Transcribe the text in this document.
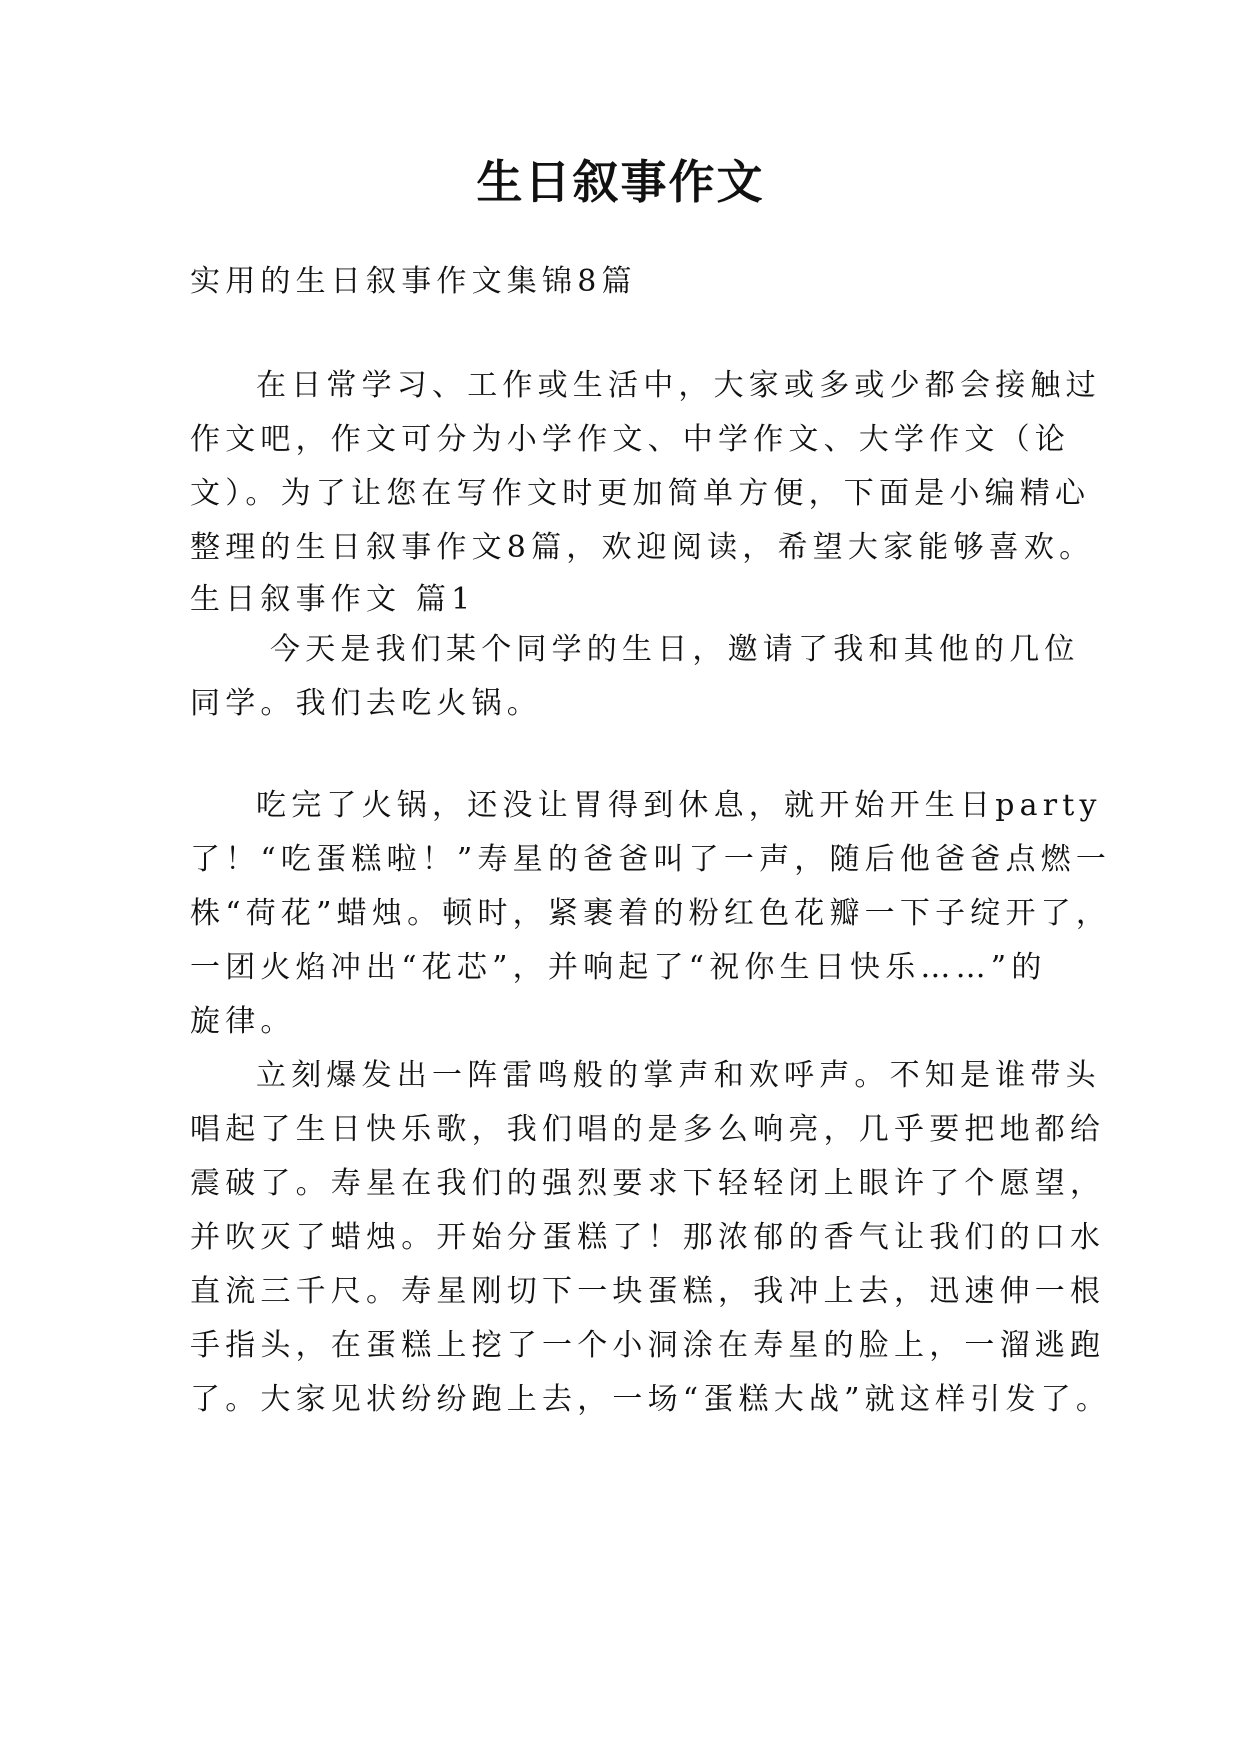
生日叙事作文
实用的生日叙事作文集锦8篇
在日常学习、工作或生活中，大家或多或少都会接触过
作文吧，作文可分为小学作文、中学作文、大学作文（论
文）。为了让您在写作文时更加简单方便，下面是小编精心
整理的生日叙事作文8篇，欢迎阅读，希望大家能够喜欢。
生日叙事作文 篇1
今天是我们某个同学的生日，邀请了我和其他的几位
同学。我们去吃火锅。
吃完了火锅，还没让胃得到休息，就开始开生日party
了！“吃蛋糕啦！”寿星的爸爸叫了一声，随后他爸爸点燃一
株“荷花”蜡烛。顿时，紧裹着的粉红色花瓣一下子绽开了，
一团火焰冲出“花芯”，并响起了“祝你生日快乐……”的
旋律。
立刻爆发出一阵雷鸣般的掌声和欢呼声。不知是谁带头
唱起了生日快乐歌，我们唱的是多么响亮，几乎要把地都给
震破了。寿星在我们的强烈要求下轻轻闭上眼许了个愿望，
并吹灭了蜡烛。开始分蛋糕了！那浓郁的香气让我们的口水
直流三千尺。寿星刚切下一块蛋糕，我冲上去，迅速伸一根
手指头，在蛋糕上挖了一个小洞涂在寿星的脸上，一溜逃跑
了。大家见状纷纷跑上去，一场“蛋糕大战”就这样引发了。
